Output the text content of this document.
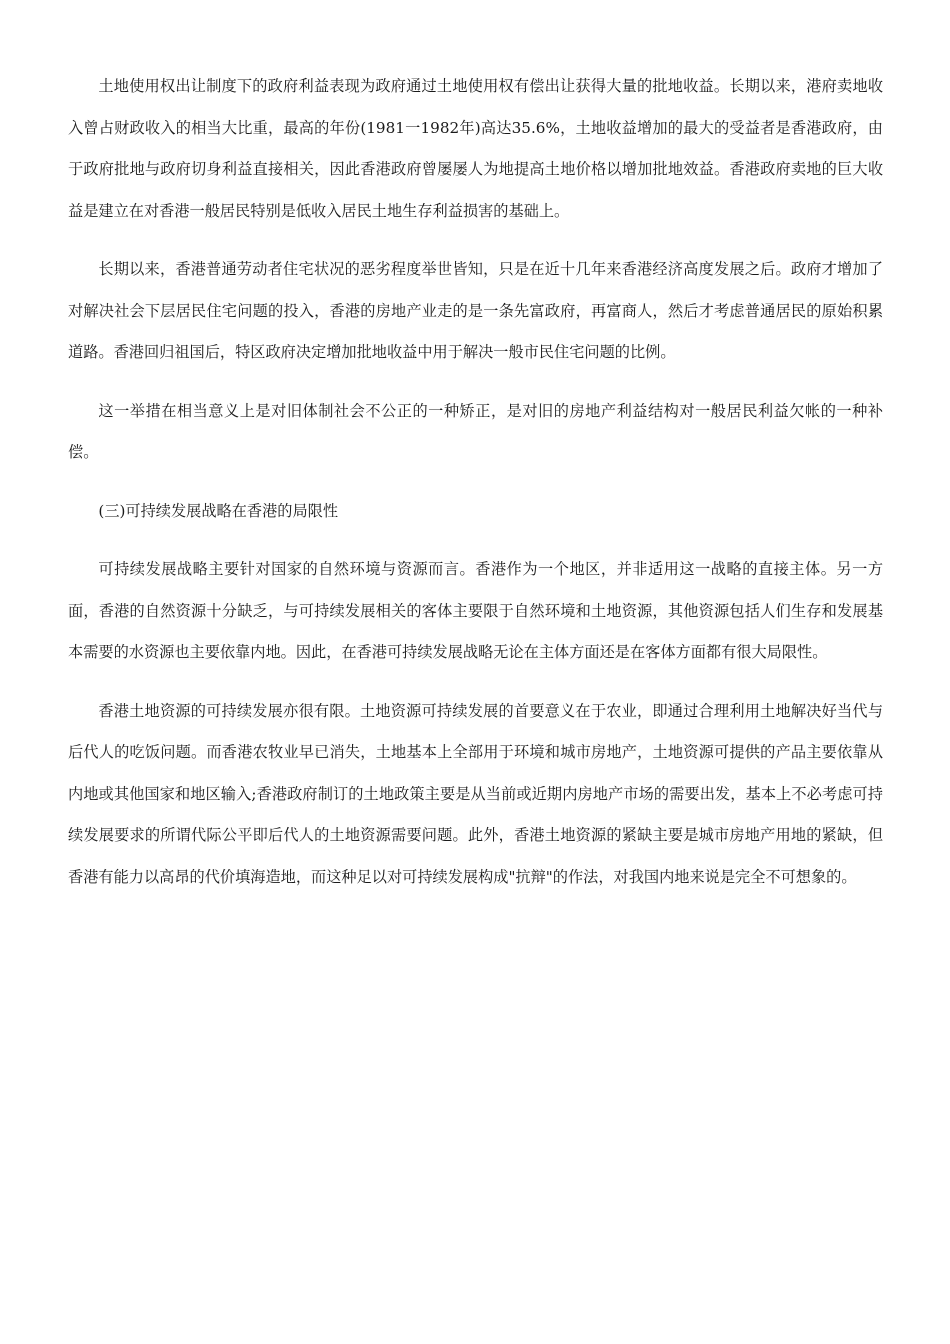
土地使用权出让制度下的政府利益表现为政府通过土地使用权有偿出让获得大量的批地收益。长期以来，港府卖地收入曾占财政收入的相当大比重，最高的年份(1981一1982年)高达35.6%，土地收益增加的最大的受益者是香港政府，由于政府批地与政府切身利益直接相关，因此香港政府曾屡屡人为地提高土地价格以增加批地效益。香港政府卖地的巨大收益是建立在对香港一般居民特别是低收入居民土地生存利益损害的基础上。

长期以来，香港普通劳动者住宅状况的恶劣程度举世皆知，只是在近十几年来香港经济高度发展之后。政府才增加了对解决社会下层居民住宅问题的投入，香港的房地产业走的是一条先富政府，再富商人，然后才考虑普通居民的原始积累道路。香港回归祖国后，特区政府决定增加批地收益中用于解决一般市民住宅问题的比例。

这一举措在相当意义上是对旧体制社会不公正的一种矫正，是对旧的房地产利益结构对一般居民利益欠帐的一种补偿。

(三)可持续发展战略在香港的局限性

可持续发展战略主要针对国家的自然环境与资源而言。香港作为一个地区，并非适用这一战略的直接主体。另一方面，香港的自然资源十分缺乏，与可持续发展相关的客体主要限于自然环境和土地资源，其他资源包括人们生存和发展基本需要的水资源也主要依靠内地。因此，在香港可持续发展战略无论在主体方面还是在客体方面都有很大局限性。

香港土地资源的可持续发展亦很有限。土地资源可持续发展的首要意义在于农业，即通过合理利用土地解决好当代与后代人的吃饭问题。而香港农牧业早已消失，土地基本上全部用于环境和城市房地产，土地资源可提供的产品主要依靠从内地或其他国家和地区输入;香港政府制订的土地政策主要是从当前或近期内房地产市场的需要出发，基本上不必考虑可持续发展要求的所谓代际公平即后代人的土地资源需要问题。此外，香港土地资源的紧缺主要是城市房地产用地的紧缺，但香港有能力以高昂的代价填海造地，而这种足以对可持续发展构成"抗辩"的作法，对我国内地来说是完全不可想象的。
